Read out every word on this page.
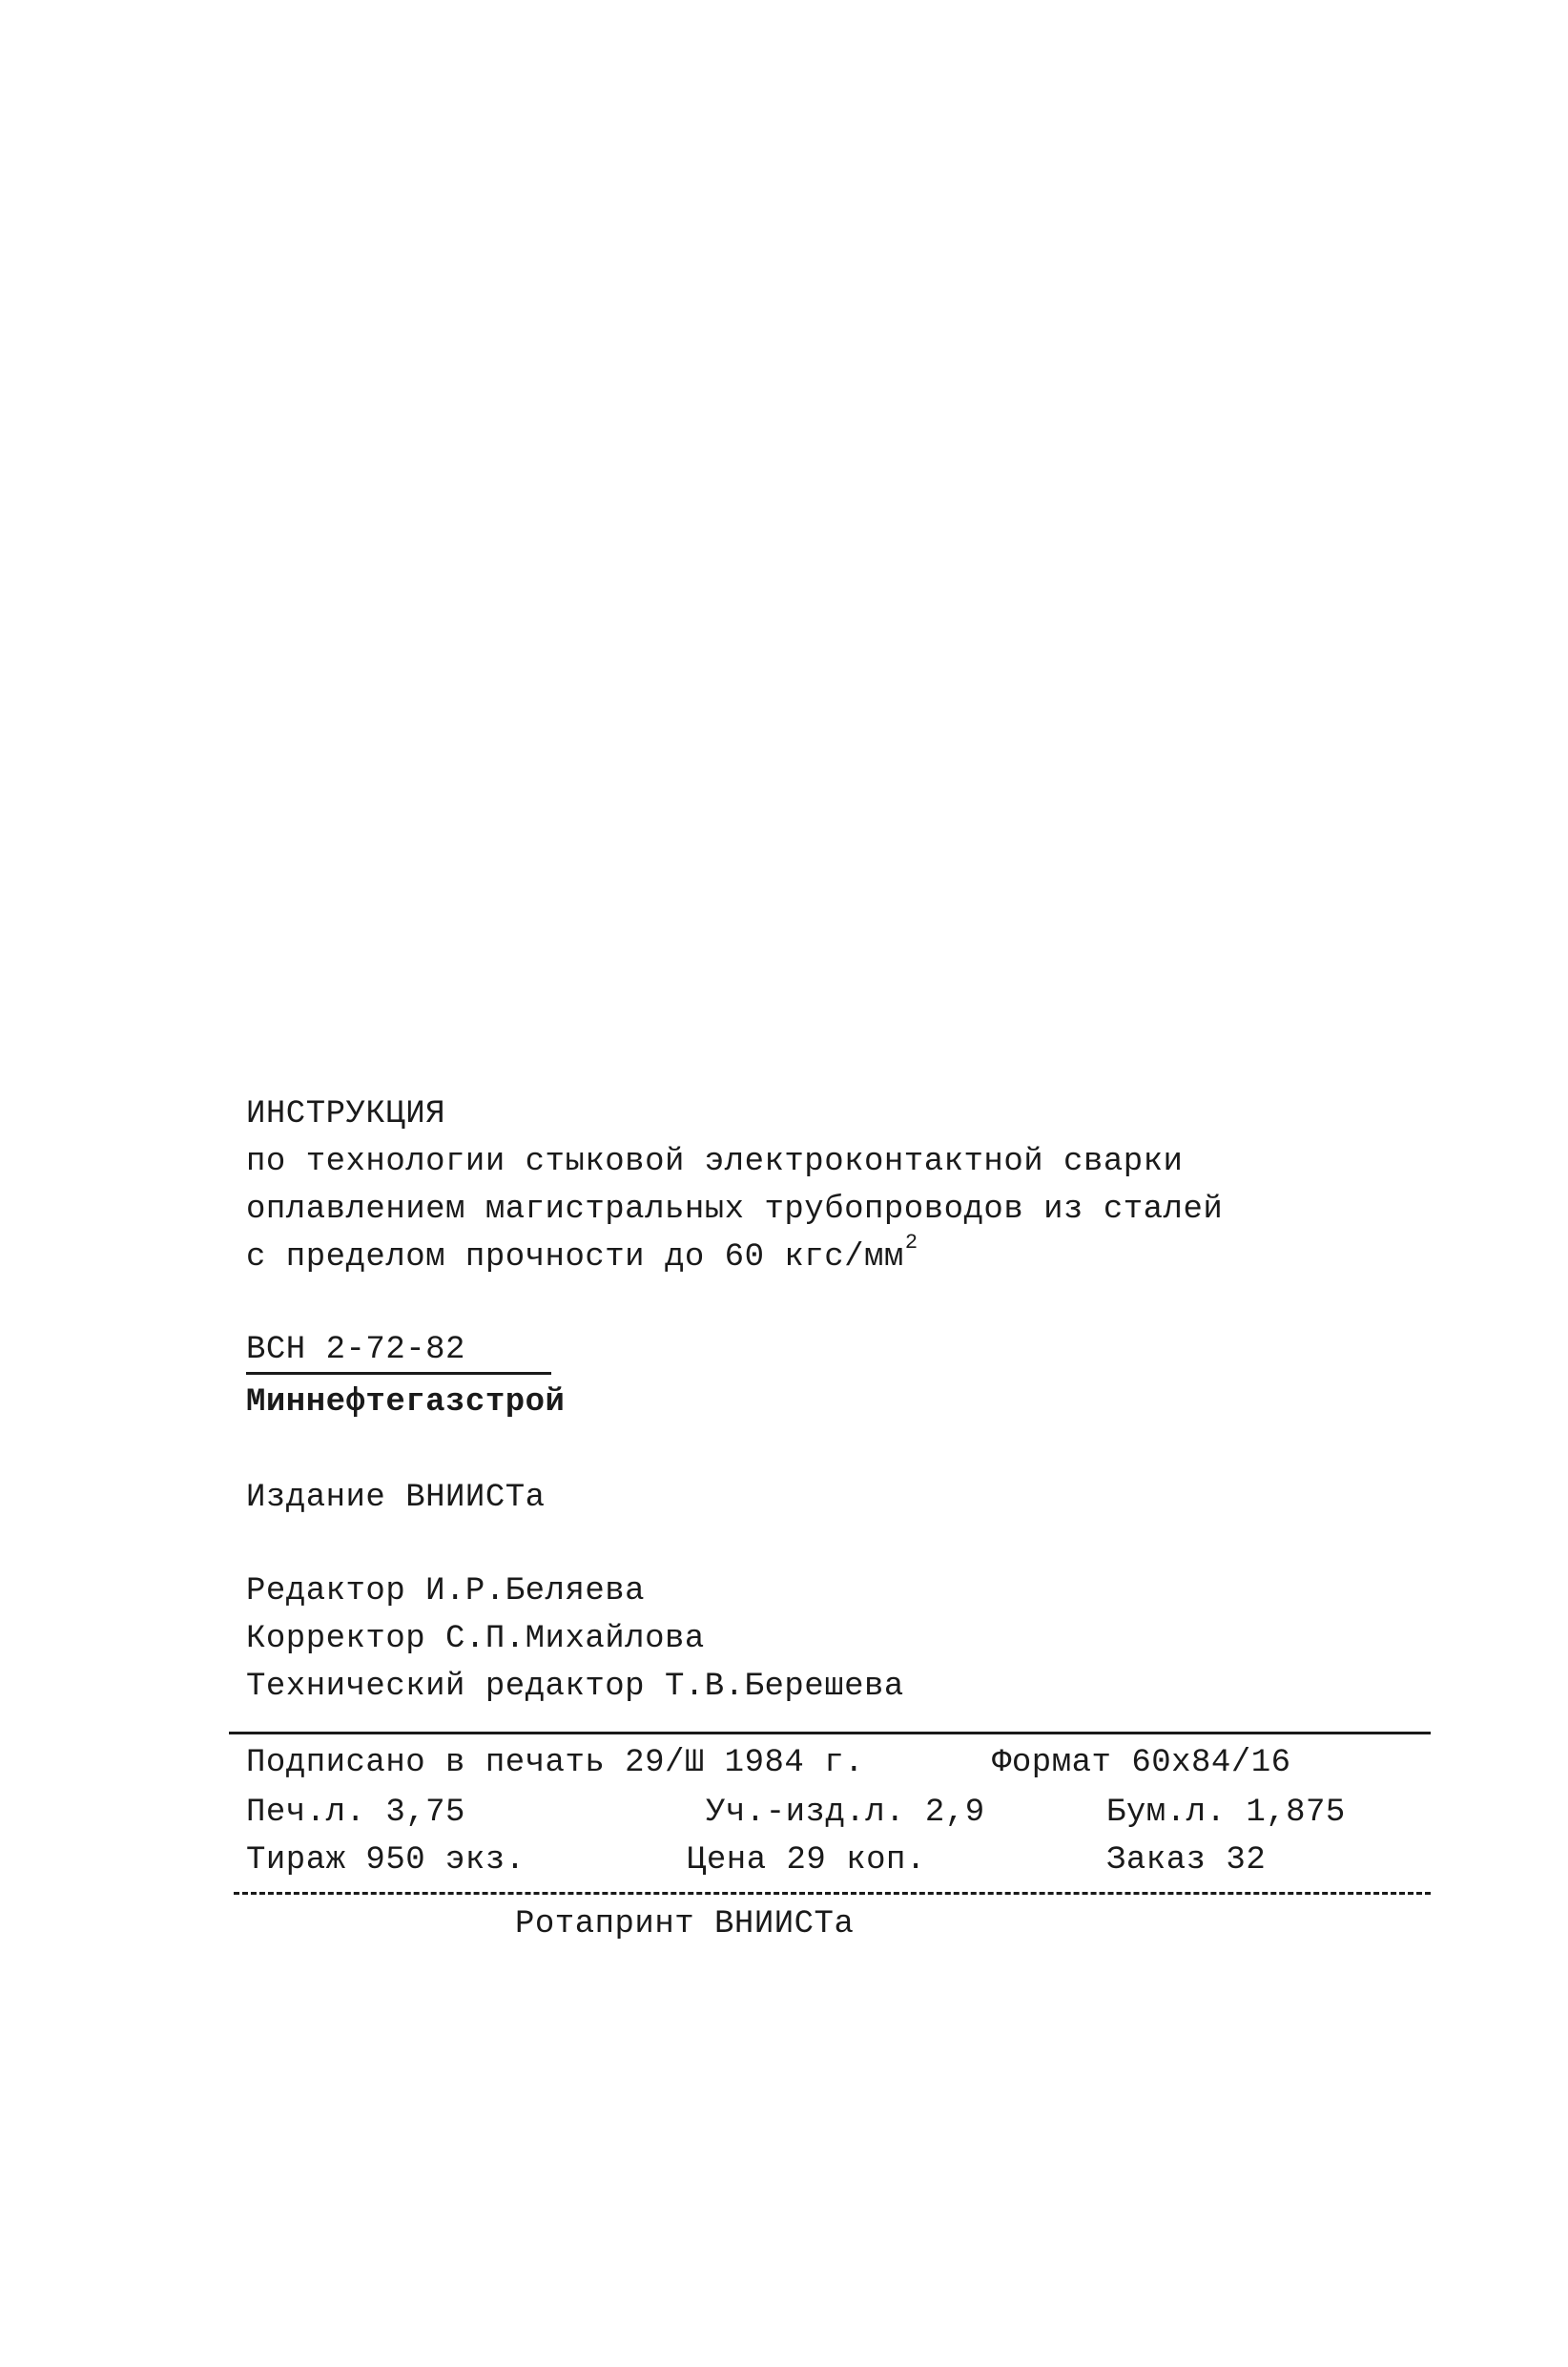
ИНСТРУКЦИЯ
по технологии стыковой электроконтактной сварки
оплавлением магистральных трубопроводов из сталей
с пределом прочности до 60 кгс/$мм^2$
ВСН 2-72-82
Миннефтегазстрой
Издание ВНИИСТа
Редактор И.Р.Беляева
Корректор С.П.Михайлова
Технический редактор Т.В.Берешева
Подписано в печать 29/Ш 1984 г.	Формат 60х84/16
Печ.л. 3,75	Уч.-изд.л. 2,9	Бум.л. 1,875
Тираж 950 экз.	Цена 29 коп.	Заказ 32
Ротапринт ВНИИСТа
